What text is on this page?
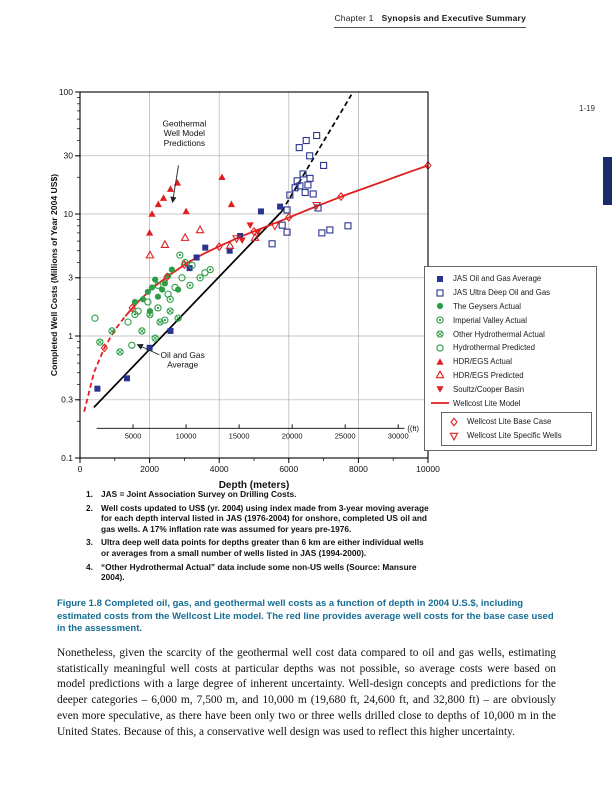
Chapter 1 Synopsis and Executive Summary
1-19
0.1
0.3
1
3
10
30
100
0	2000	4000	6000	8000	10000
Depth (meters)
Completed Well Costs (Millions of Year 2004 US$)
5000	10000	15000	20000	25000	30000
{(ft)
Geothermal
Well Model
Predictions
Oil and Gas
Average
JAS Oil and Gas Average
JAS Ultra Deep Oil and Gas
The Geysers Actual
Imperial Valley Actual
Other Hydrothermal Actual
Hydrothermal Predicted
HDR/EGS Actual
HDR/EGS Predicted
Soultz/Cooper Basin
Wellcost Lite Model
Wellcost Lite Base Case
Wellcost Lite Specific Wells
1. JAS = Joint Association Survey on Drilling Costs.
2. Well costs updated to US$ (yr. 2004) using index made from 3-year moving average for each depth interval listed in JAS (1976-2004) for onshore, completed US oil and gas wells. A 17% inflation rate was assumed for years pre-1976.
3. Ultra deep well data points for depths greater than 6 km are either individual wells or averages from a small number of wells listed in JAS (1994-2000).
4. “Other Hydrothermal Actual” data include some non-US wells (Source: Mansure 2004).

Figure 1.8 Completed oil, gas, and geothermal well costs as a function of depth in 2004 U.S.$, including estimated costs from the Wellcost Lite model. The red line provides average well costs for the base case used in the assessment.

Nonetheless, given the scarcity of the geothermal well cost data compared to oil and gas wells, estimating statistically meaningful well costs at particular depths was not possible, so average costs were based on model predictions with a large degree of inherent uncertainty. Well-design concepts and predictions for the deeper categories – 6,000 m, 7,500 m, and 10,000 m (19,680 ft, 24,600 ft, and 32,800 ft) – are obviously even more speculative, as there have been only two or three wells drilled close to depths of 10,000 m in the United States. Because of this, a conservative well design was used to reflect this higher uncertainty.
